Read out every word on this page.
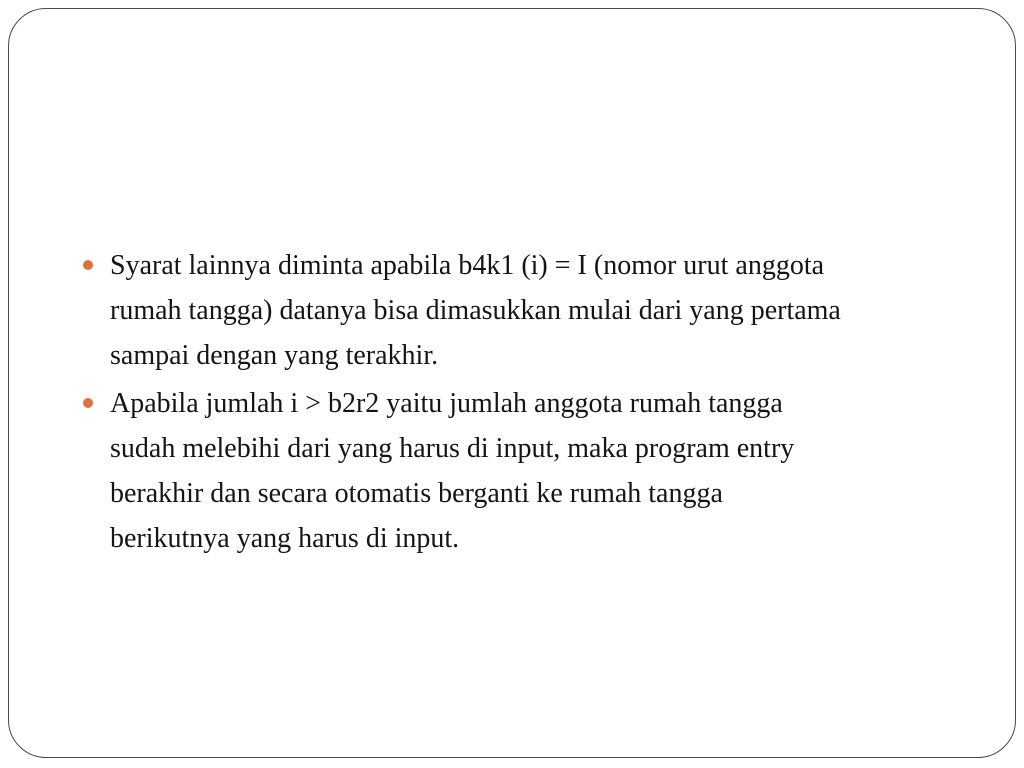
Syarat lainnya diminta apabila b4k1 (i) = I (nomor urut anggota
rumah tangga) datanya bisa dimasukkan mulai dari yang pertama
sampai dengan yang terakhir.
Apabila jumlah i > b2r2 yaitu jumlah anggota rumah tangga
sudah melebihi dari yang harus di input, maka program entry
berakhir dan secara otomatis berganti ke rumah tangga
berikutnya yang harus di input.
